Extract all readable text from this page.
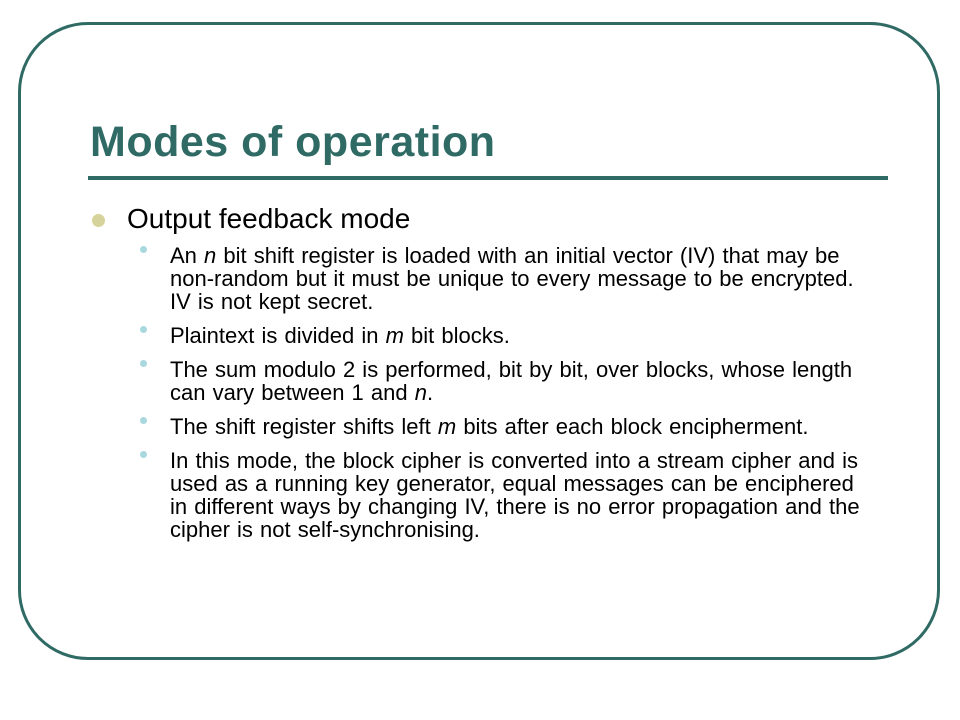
Modes of operation
Output feedback mode
An n bit shift register is loaded with an initial vector (IV) that may be non-random but it must be unique to every message to be encrypted. IV is not kept secret.
Plaintext is divided in m bit blocks.
The sum modulo 2 is performed, bit by bit, over blocks, whose length can vary between 1 and n.
The shift register shifts left m bits after each block encipherment.
In this mode, the block cipher is converted into a stream cipher and is used as a running key generator, equal messages can be enciphered in different ways by changing IV, there is no error propagation and the cipher is not self-synchronising.
